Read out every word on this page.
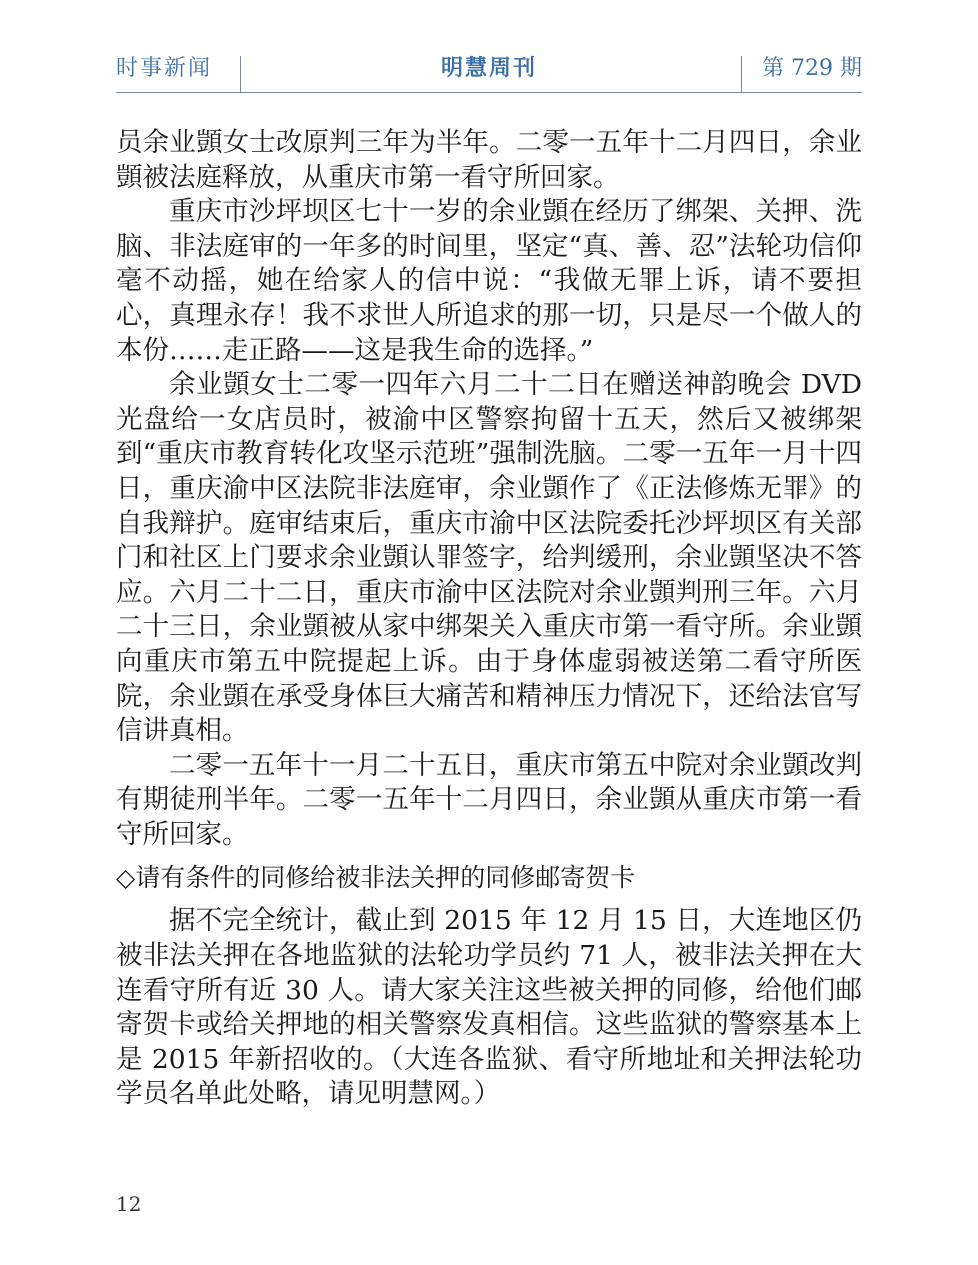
时事新闻	明慧周刊	第 729 期

员余业顗女士改原判三年为半年。二零一五年十二月四日，余业顗被法庭释放，从重庆市第一看守所回家。

重庆市沙坪坝区七十一岁的余业顗在经历了绑架、关押、洗脑、非法庭审的一年多的时间里，坚定“真、善、忍”法轮功信仰毫不动摇，她在给家人的信中说：“我做无罪上诉，请不要担心，真理永存！我不求世人所追求的那一切，只是尽一个做人的本份……走正路——这是我生命的选择。”

余业顗女士二零一四年六月二十二日在赠送神韵晚会 DVD 光盘给一女店员时，被渝中区警察拘留十五天，然后又被绑架到“重庆市教育转化攻坚示范班”强制洗脑。二零一五年一月十四日，重庆渝中区法院非法庭审，余业顗作了《正法修炼无罪》的自我辩护。庭审结束后，重庆市渝中区法院委托沙坪坝区有关部门和社区上门要求余业顗认罪签字，给判缓刑，余业顗坚决不答应。六月二十二日，重庆市渝中区法院对余业顗判刑三年。六月二十三日，余业顗被从家中绑架关入重庆市第一看守所。余业顗向重庆市第五中院提起上诉。由于身体虚弱被送第二看守所医院，余业顗在承受身体巨大痛苦和精神压力情况下，还给法官写信讲真相。

二零一五年十一月二十五日，重庆市第五中院对余业顗改判有期徒刑半年。二零一五年十二月四日，余业顗从重庆市第一看守所回家。

◇请有条件的同修给被非法关押的同修邮寄贺卡

据不完全统计，截止到 2015 年 12 月 15 日，大连地区仍被非法关押在各地监狱的法轮功学员约 71 人，被非法关押在大连看守所有近 30 人。请大家关注这些被关押的同修，给他们邮寄贺卡或给关押地的相关警察发真相信。这些监狱的警察基本上是 2015 年新招收的。（大连各监狱、看守所地址和关押法轮功学员名单此处略，请见明慧网。）

12
